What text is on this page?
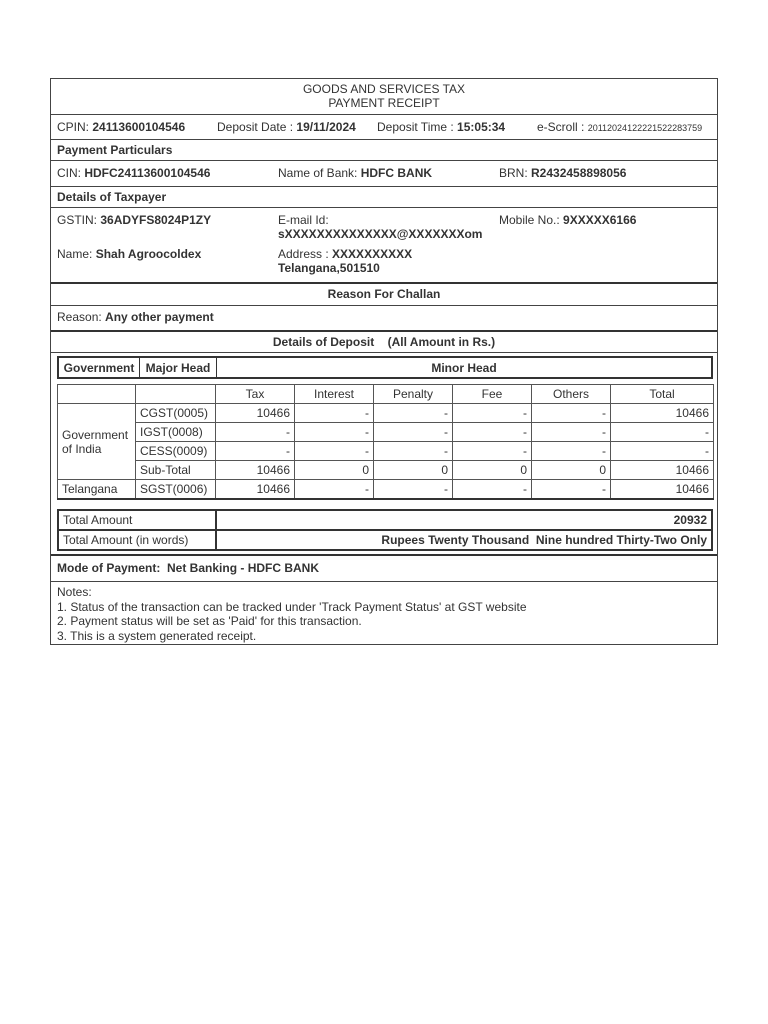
GOODS AND SERVICES TAX
PAYMENT RECEIPT
CPIN: 24113600104546	Deposit Date : 19/11/2024 Deposit Time : 15:05:34	e-Scroll : 20112024122221522283759
Payment Particulars
CIN: HDFC24113600104546	Name of Bank: HDFC BANK	BRN: R2432458898056
Details of Taxpayer
GSTIN: 36ADYFS8024P1ZY	E-mail Id:
sXXXXXXXXXXXXXX@XXXXXXXom
Mobile No.: 9XXXXX6166
Name: Shah Agroocoldex	Address : XXXXXXXXXX
Telangana,501510
Reason For Challan
Reason: Any other payment
Details of Deposit (All Amount in Rs.)
Government Major Head	Minor Head
		Tax	Interest	Penalty	Fee	Others	Total
Government of India	CGST(0005)	10466	-	-	-	-	10466
	IGST(0008)	-	-	-	-	-	-
	CESS(0009)	-	-	-	-	-	-
	Sub-Total	10466	0	0	0	0	10466
Telangana	SGST(0006)	10466	-	-	-	-	10466
Total Amount	20932
Total Amount (in words)	Rupees Twenty Thousand  Nine hundred Thirty-Two Only
Mode of Payment: Net Banking - HDFC BANK
Notes:
1. Status of the transaction can be tracked under 'Track Payment Status' at GST website
2. Payment status will be set as 'Paid' for this transaction.
3. This is a system generated receipt.
